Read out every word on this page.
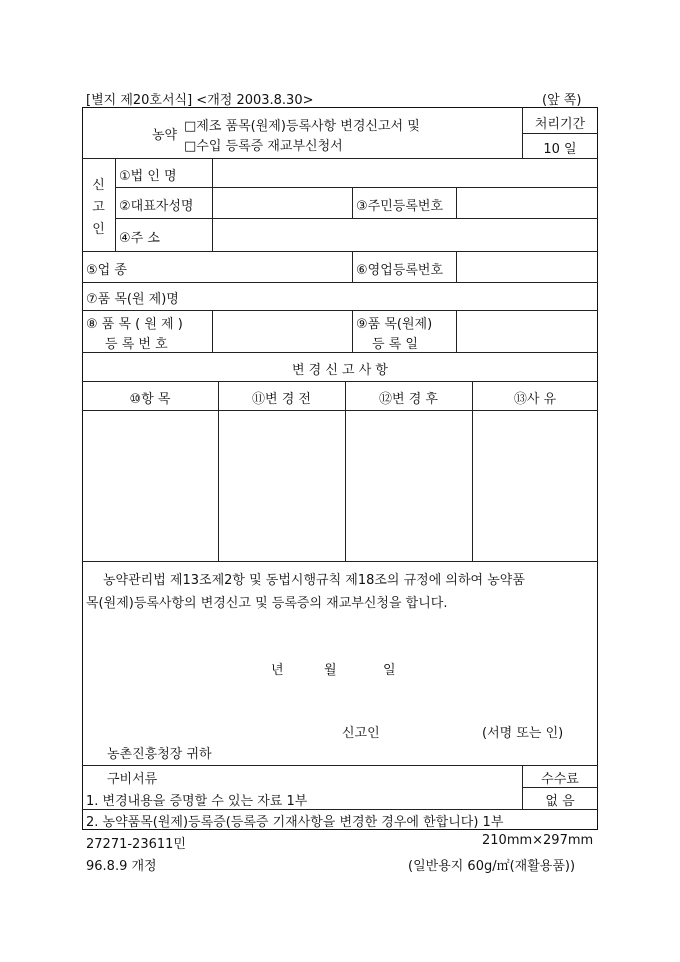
[별지 제20호서식] <개정 2003.8.30>	(앞 쪽)
농약
□제조 품목(원제)등록사항 변경신고서 및
□수입 등록증 재교부신청서
처리기간
10 일
신
고
인
①법 인 명
②대표자성명	③주민등록번호
④주 소
⑤업 종	⑥영업등록번호
⑦품 목(원 제)명
⑧ 품 목 ( 원 제 )
등 록 번 호
⑨품 목(원제)
등 록 일
변 경 신 고 사 항
⑩항 목	⑪변 경 전	⑫변 경 후	⑬사 유
농약관리법 제13조제2항 및 동법시행규칙 제18조의 규정에 의하여 농약품
목(원제)등록사항의 변경신고 및 등록증의 재교부신청을 합니다.
년	월	일
신고인	(서명 또는 인)
농촌진흥청장 귀하
구비서류
1. 변경내용을 증명할 수 있는 자료 1부
2. 농약품목(원제)등록증(등록증 기재사항을 변경한 경우에 한합니다) 1부
수수료
없 음
27271-23611민	210mm×297mm
96.8.9 개정	(일반용지 60g/㎡(재활용품))
